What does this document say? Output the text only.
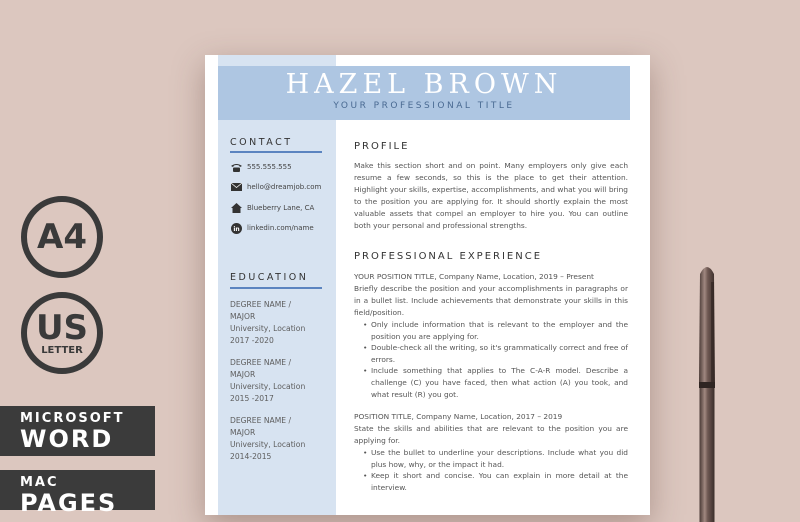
HAZEL BROWN
YOUR PROFESSIONAL TITLE
CONTACT
555.555.555
hello@dreamjob.com
Blueberry Lane, CA
in linkedin.com/name
EDUCATION
DEGREE NAME /
MAJOR
University, Location
2017 -2020
DEGREE NAME /
MAJOR
University, Location
2015 -2017
DEGREE NAME /
MAJOR
University, Location
2014-2015
PROFILE
Make this section short and on point. Many employers only give each resume a few seconds, so this is the place to get their attention. Highlight your skills, expertise, accomplishments, and what you will bring to the position you are applying for. It should shortly explain the most valuable assets that compel an employer to hire you. You can outline both your personal and professional strengths.
PROFESSIONAL EXPERIENCE
YOUR POSITION TITLE, Company Name, Location, 2019 – Present
Briefly describe the position and your accomplishments in paragraphs or in a bullet list. Include achievements that demonstrate your skills in this field/position.
• Only include information that is relevant to the employer and the position you are applying for.
• Double-check all the writing, so it's grammatically correct and free of errors.
• Include something that applies to The C-A-R model. Describe a challenge (C) you have faced, then what action (A) you took, and what result (R) you got.
POSITION TITLE, Company Name, Location, 2017 – 2019
State the skills and abilities that are relevant to the position you are applying for.
• Use the bullet to underline your descriptions. Include what you did plus how, why, or the impact it had.
• Keep it short and concise. You can explain in more detail at the interview.
A4
US
LETTER
MICROSOFT
WORD
MAC
PAGES
